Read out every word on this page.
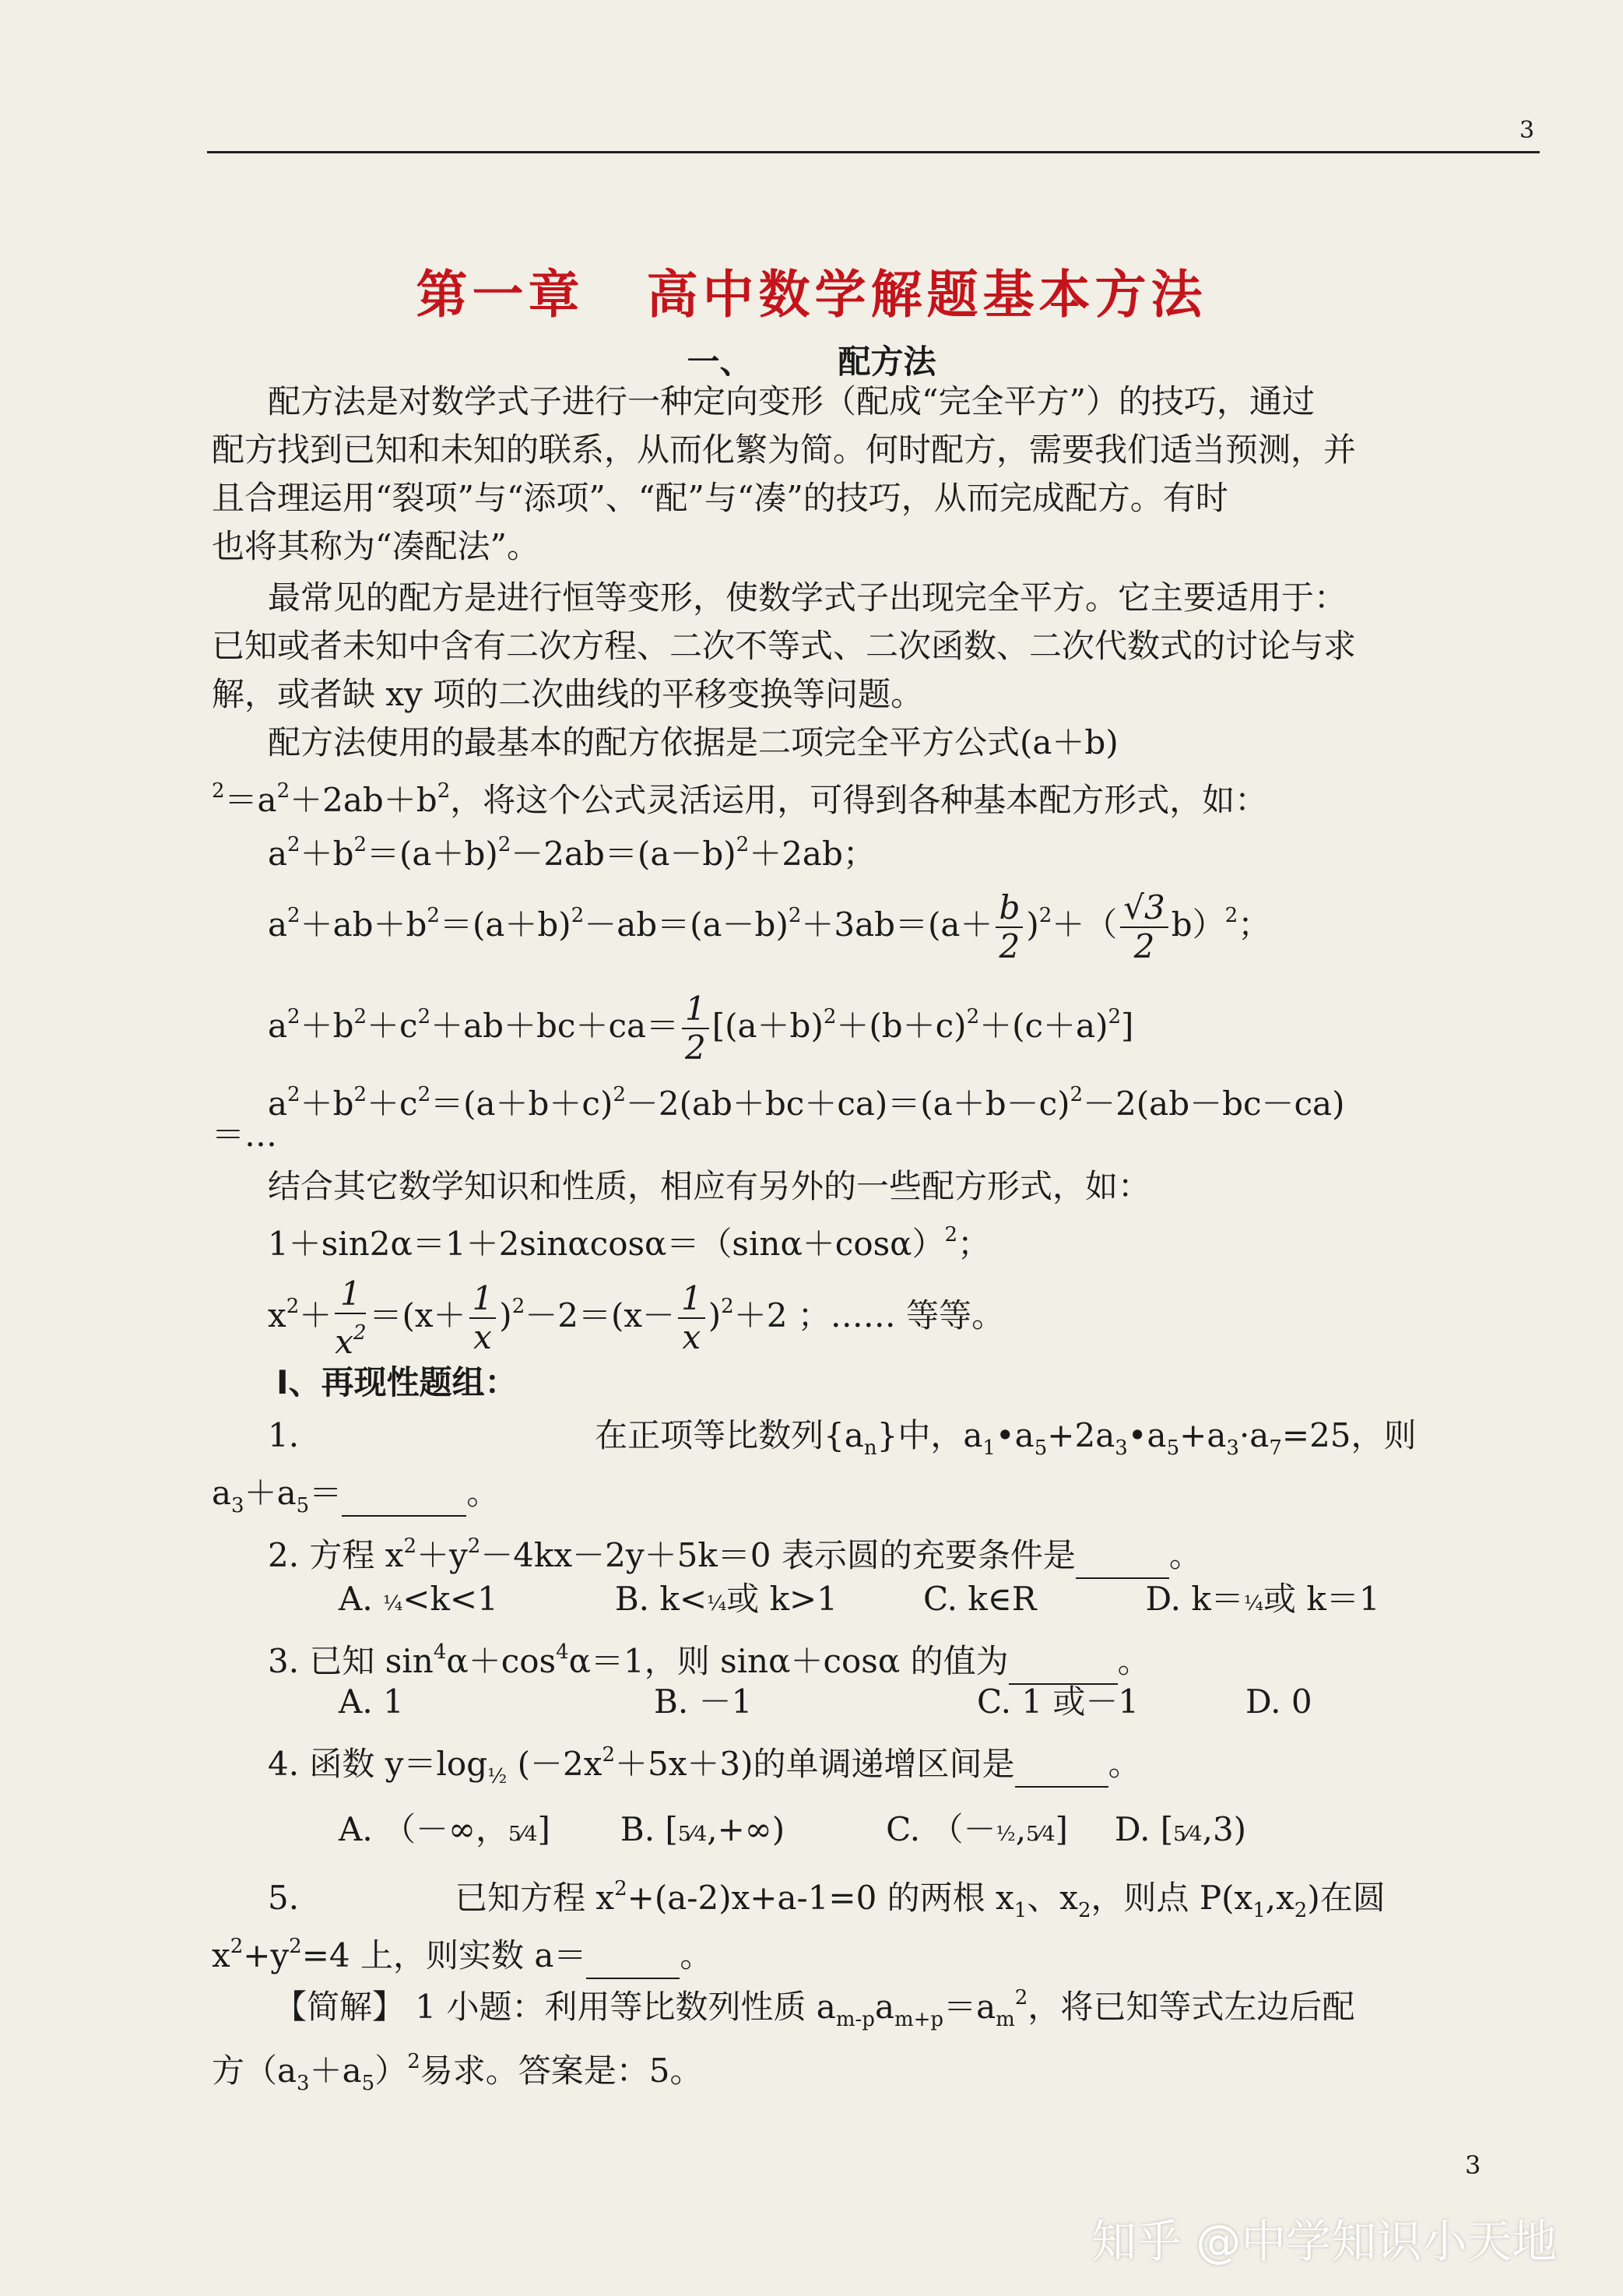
3
第一章 高中数学解题基本方法
一、	配方法
配方法是对数学式子进行一种定向变形（配成“完全平方”）的技巧，通过
配方找到已知和未知的联系，从而化繁为简。何时配方，需要我们适当预测，并
且合理运用“裂项”与“添项”、“配”与“凑”的技巧，从而完成配方。有时
也将其称为“凑配法”。
最常见的配方是进行恒等变形，使数学式子出现完全平方。它主要适用于：
已知或者未知中含有二次方程、二次不等式、二次函数、二次代数式的讨论与求
解，或者缺 xy 项的二次曲线的平移变换等问题。
配方法使用的最基本的配方依据是二项完全平方公式(a＋b)
$^2=a^2+2ab+b^2$，将这个公式灵活运用，可得到各种基本配方形式，如：
$a^2+b^2=(a+b)^2-2ab=(a-b)^2+2ab$；
$a^2+ab+b^2=(a+b)^2-ab=(a-b)^2+3ab=(a+ \frac{b}{2} )^2+( \frac{√3}{2} b)^2$；
$a^2+b^2+c^2+ab+bc+ca= \frac{1}{2} [(a+b)^2+(b+c)^2+(c+a)^2]$
$a^2+b^2+c^2=(a+b+c)^2-2(ab+bc+ca)=(a+b-c)^2-2(ab-bc-ca)$
＝…
结合其它数学知识和性质，相应有另外的一些配方形式，如：
$1+\sin 2\alpha=1+2\sin\alpha\cos\alpha=(\sin\alpha+\cos\alpha)^2$；
$x^2+ \frac{1}{x^2} =(x+ \frac{1}{x} )^2-2=(x- \frac{1}{x} )^2+2$ ；…… 等等。
Ⅰ、再现性题组：
1.	在正项等比数列$\{a_n\}$中，$a_1•a_5+2a_3•a_5+a_3\cdot a_7=25$，则
$a_3+a_5=$	。
2. 方程 $x^2+y^2-4kx-2y+5k=0$ 表示圆的充要条件是	。
A. ¼<k<1	B. k<¼或 k>1	C. k∈R	D. k＝¼或 k＝1
3. 已知 $\sin^4\alpha+\cos^4\alpha=1$，则 sinα＋cosα 的值为	。
A. 1	B. －1	C. 1 或－1	D. 0
4. 函数 $y=\log_{\frac{1}{2}}$ $(-2x^2+5x+3)$的单调递增区间是	。
A. （－∞，5⁄4] B. [5⁄4,+∞)	C. （－½,5⁄4] D. [5⁄4,3)
5.	已知方程 $x^2+(a-2)x+a-1=0$ 的两根 $x_1$、$x_2$，则点 $P(x_1,x_2)$在圆
$x^2+y^2=4$ 上，则实数 a＝	。
【简解】 1 小题：利用等比数列性质 $a_{m-p}a_{m+p}=a_m^2$，将已知等式左边后配
方$(a_3+a_5)^2$易求。答案是：5。
3
知乎 @中学知识小天地
